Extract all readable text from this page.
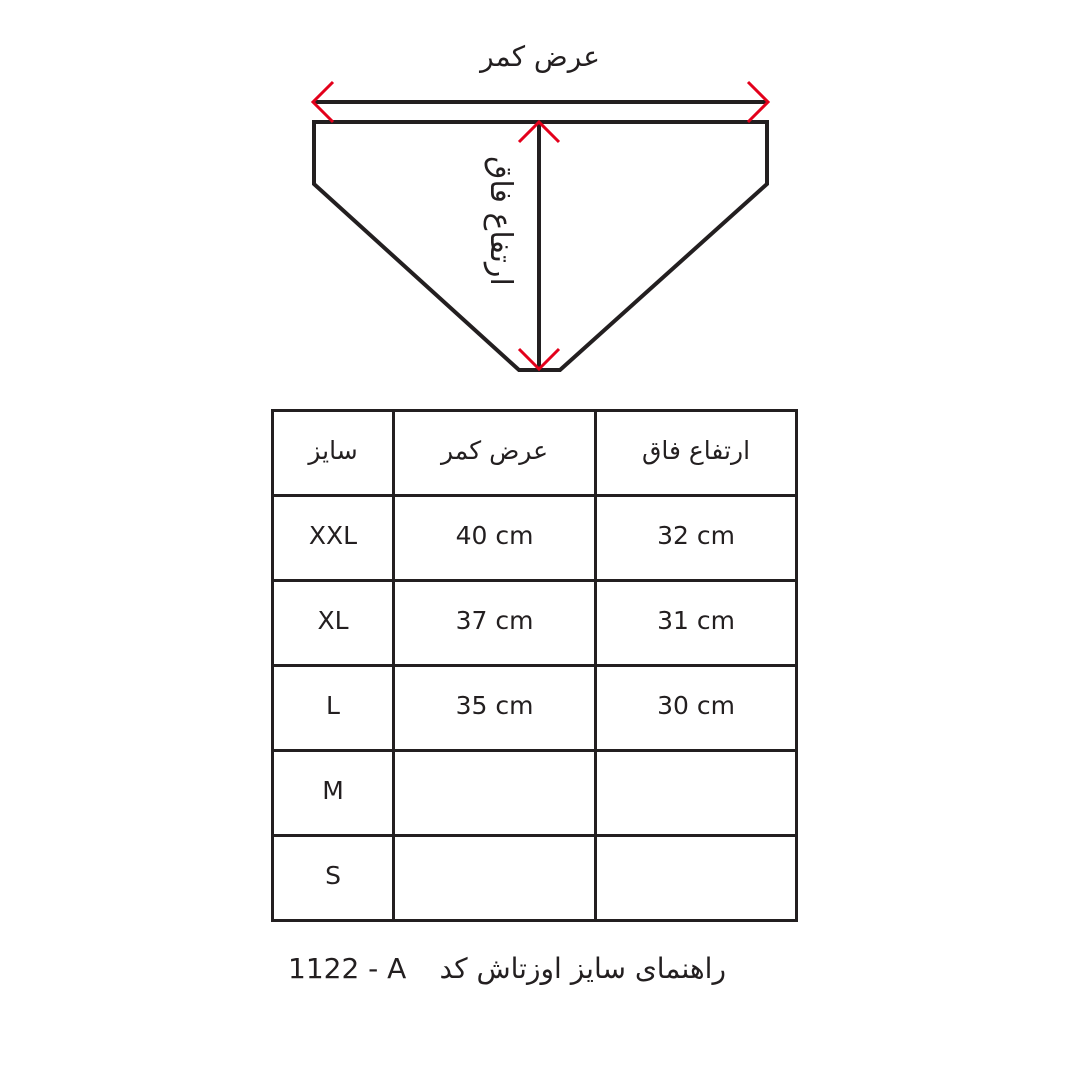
عرض کمر
ارتفاع فاق
سایز	عرض کمر	ارتفاع فاق
XXL	40 cm	32 cm
XL	37 cm	31 cm
L	35 cm	30 cm
M		
S		
راهنمای سایز اوزتاش کد
1122 - A
